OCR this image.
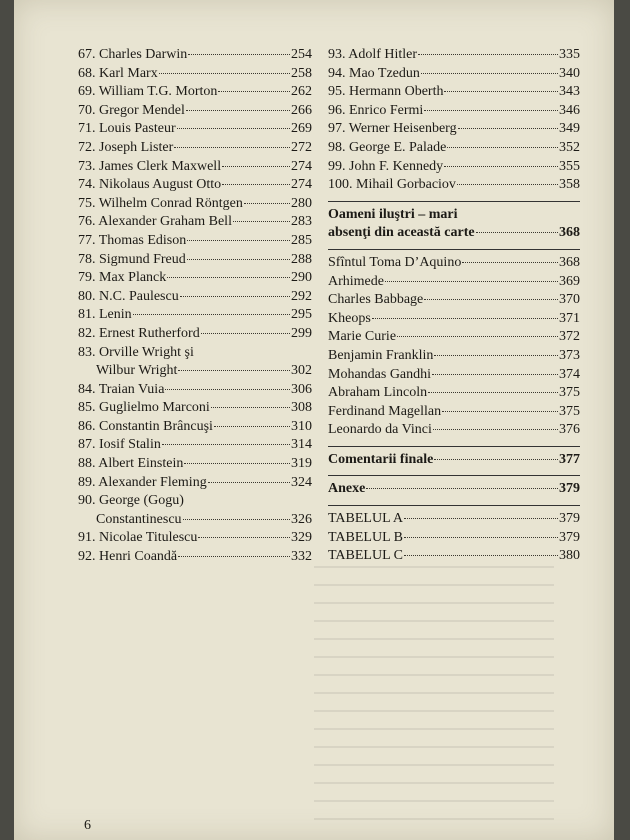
67. Charles Darwin	254
68. Karl Marx	258
69. William T.G. Morton	262
70. Gregor Mendel	266
71. Louis Pasteur	269
72. Joseph Lister	272
73. James Clerk Maxwell	274
74. Nikolaus August Otto	274
75. Wilhelm Conrad Röntgen	280
76. Alexander Graham Bell	283
77. Thomas Edison	285
78. Sigmund Freud	288
79. Max Planck	290
80. N.C. Paulescu	292
81. Lenin	295
82. Ernest Rutherford	299
83. Orville Wright şi
Wilbur Wright	302
84. Traian Vuia	306
85. Guglielmo Marconi	308
86. Constantin Brâncuşi	310
87. Iosif Stalin	314
88. Albert Einstein	319
89. Alexander Fleming	324
90. George (Gogu)
Constantinescu	326
91. Nicolae Titulescu	329
92. Henri Coandă	332
93. Adolf Hitler	335
94. Mao Tzedun	340
95. Hermann Oberth	343
96. Enrico Fermi	346
97. Werner Heisenberg	349
98. George E. Palade	352
99. John F. Kennedy	355
100. Mihail Gorbaciov	358
Oameni iluştri – mari
absenţi din această carte	368
Sfîntul Toma D’Aquino	368
Arhimede	369
Charles Babbage	370
Kheops	371
Marie Curie	372
Benjamin Franklin	373
Mohandas Gandhi	374
Abraham Lincoln	375
Ferdinand Magellan	375
Leonardo da Vinci	376
Comentarii finale	377
Anexe	379
TABELUL A	379
TABELUL B	379
TABELUL C	380
6
